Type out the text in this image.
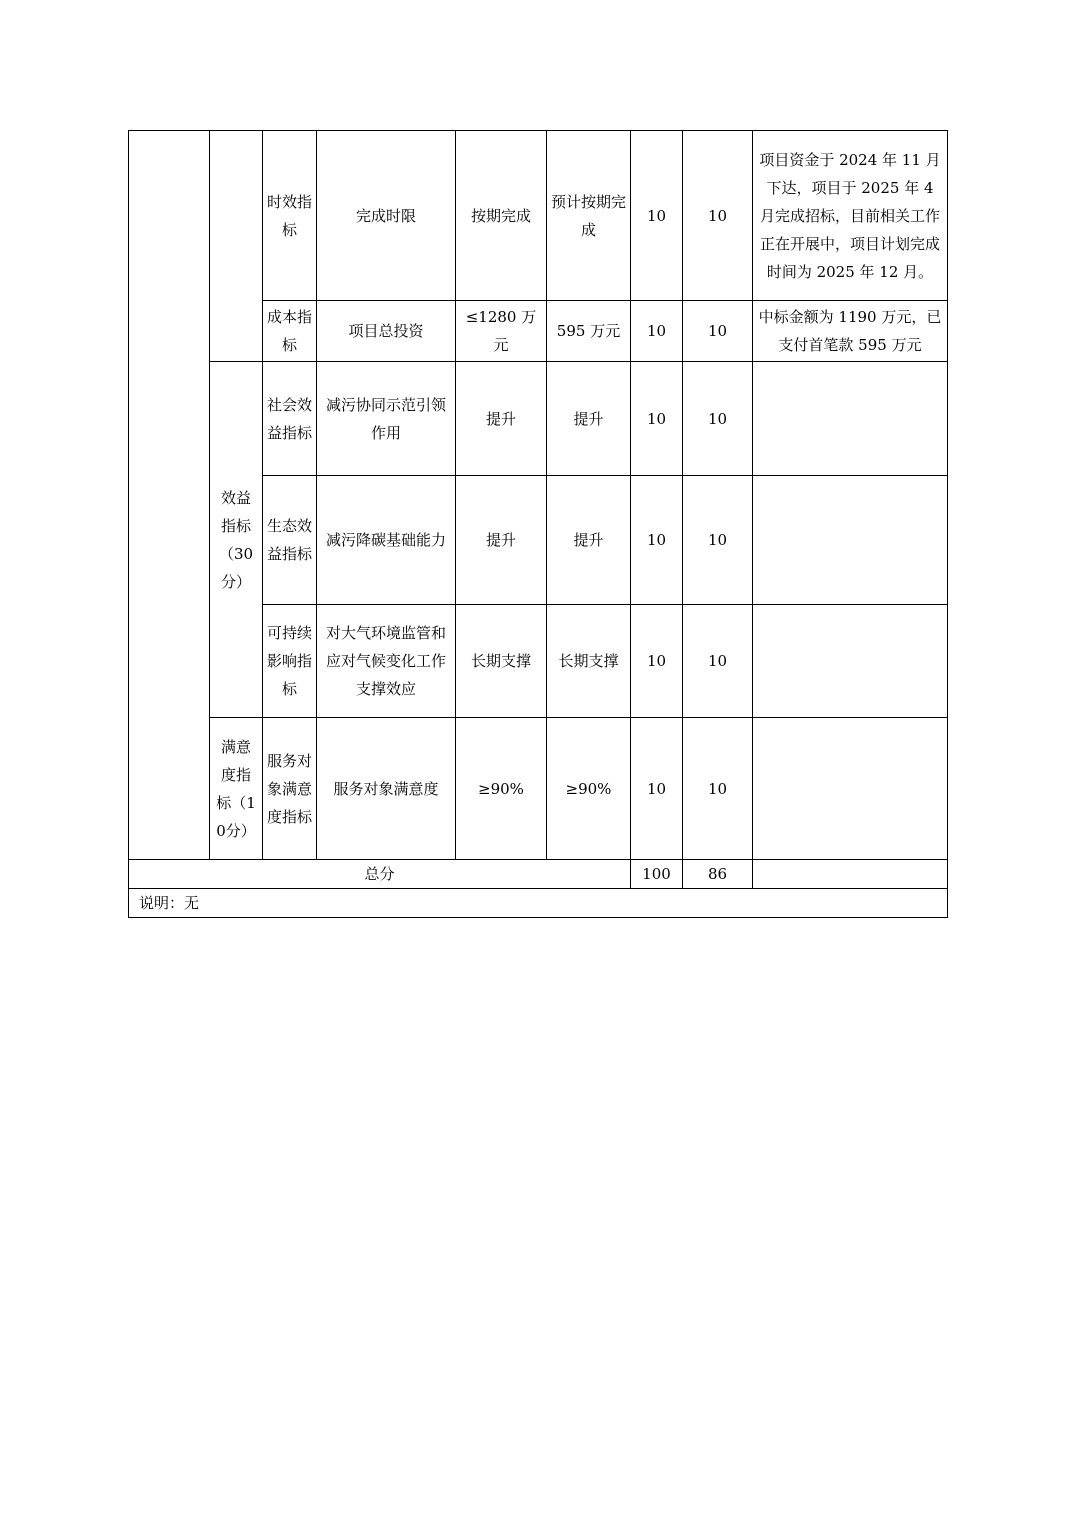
		时效指标	完成时限	按期完成	预计按期完成	10	10	项目资金于 2024 年 11 月下达，项目于 2025 年 4 月完成招标，目前相关工作正在开展中，项目计划完成时间为 2025 年 12 月。
		成本指标	项目总投资	≤1280 万元	595 万元	10	10	中标金额为 1190 万元，已支付首笔款 595 万元
	效益指标（30分）	社会效益指标	减污协同示范引领作用	提升	提升	10	10	
		生态效益指标	减污降碳基础能力	提升	提升	10	10	
		可持续影响指标	对大气环境监管和应对气候变化工作支撑效应	长期支撑	长期支撑	10	10	
	满意度指标（10分）	服务对象满意度指标	服务对象满意度	≥90%	≥90%	10	10	
总分						100	86	
说明：无								
